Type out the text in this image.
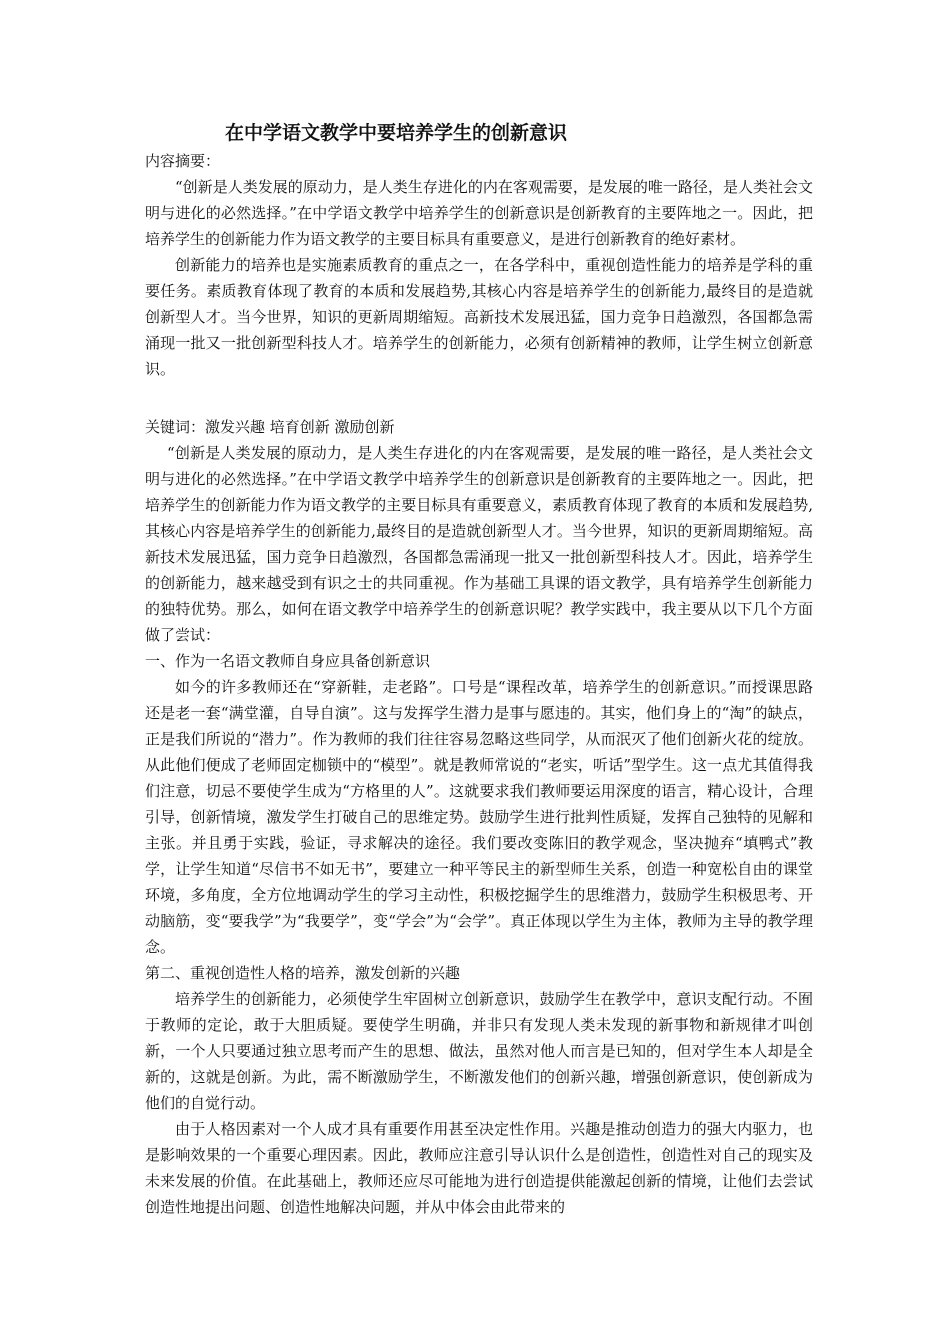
在中学语文教学中要培养学生的创新意识
内容摘要：

“创新是人类发展的原动力，是人类生存进化的内在客观需要，是发展的唯一路径，是人类社会文明与进化的必然选择。”在中学语文教学中培养学生的创新意识是创新教育的主要阵地之一。因此，把培养学生的创新能力作为语文教学的主要目标具有重要意义，是进行创新教育的绝好素材。

创新能力的培养也是实施素质教育的重点之一，在各学科中，重视创造性能力的培养是学科的重要任务。素质教育体现了教育的本质和发展趋势,其核心内容是培养学生的创新能力,最终目的是造就创新型人才。当今世界，知识的更新周期缩短。高新技术发展迅猛，国力竞争日趋激烈，各国都急需涌现一批又一批创新型科技人才。培养学生的创新能力，必须有创新精神的教师，让学生树立创新意识。

关键词：激发兴趣 培育创新 激励创新

“创新是人类发展的原动力，是人类生存进化的内在客观需要，是发展的唯一路径，是人类社会文明与进化的必然选择。”在中学语文教学中培养学生的创新意识是创新教育的主要阵地之一。因此，把培养学生的创新能力作为语文教学的主要目标具有重要意义，素质教育体现了教育的本质和发展趋势,其核心内容是培养学生的创新能力,最终目的是造就创新型人才。当今世界，知识的更新周期缩短。高新技术发展迅猛，国力竞争日趋激烈，各国都急需涌现一批又一批创新型科技人才。因此，培养学生的创新能力，越来越受到有识之士的共同重视。作为基础工具课的语文教学，具有培养学生创新能力的独特优势。那么，如何在语文教学中培养学生的创新意识呢？教学实践中，我主要从以下几个方面做了尝试：

一、作为一名语文教师自身应具备创新意识

如今的许多教师还在“穿新鞋，走老路”。口号是“课程改革，培养学生的创新意识。”而授课思路还是老一套“满堂灌，自导自演”。这与发挥学生潜力是事与愿违的。其实，他们身上的“淘”的缺点，正是我们所说的“潜力”。作为教师的我们往往容易忽略这些同学，从而泯灭了他们创新火花的绽放。从此他们便成了老师固定枷锁中的“模型”。就是教师常说的“老实，听话”型学生。这一点尤其值得我们注意，切忌不要使学生成为“方格里的人”。这就要求我们教师要运用深度的语言，精心设计，合理引导，创新情境，激发学生打破自己的思维定势。鼓励学生进行批判性质疑，发挥自己独特的见解和主张。并且勇于实践，验证，寻求解决的途径。我们要改变陈旧的教学观念，坚决抛弃“填鸭式”教学，让学生知道“尽信书不如无书”，要建立一种平等民主的新型师生关系，创造一种宽松自由的课堂环境，多角度，全方位地调动学生的学习主动性，积极挖掘学生的思维潜力，鼓励学生积极思考、开动脑筋，变“要我学”为“我要学”，变“学会”为“会学”。真正体现以学生为主体，教师为主导的教学理念。

第二、重视创造性人格的培养，激发创新的兴趣

培养学生的创新能力，必须使学生牢固树立创新意识，鼓励学生在教学中，意识支配行动。不囿于教师的定论，敢于大胆质疑。要使学生明确，并非只有发现人类未发现的新事物和新规律才叫创新，一个人只要通过独立思考而产生的思想、做法，虽然对他人而言是已知的，但对学生本人却是全新的，这就是创新。为此，需不断激励学生，不断激发他们的创新兴趣，增强创新意识，使创新成为他们的自觉行动。

由于人格因素对一个人成才具有重要作用甚至决定性作用。兴趣是推动创造力的强大内驱力，也是影响效果的一个重要心理因素。因此，教师应注意引导认识什么是创造性，创造性对自己的现实及未来发展的价值。在此基础上，教师还应尽可能地为进行创造提供能激起创新的情境，让他们去尝试创造性地提出问题、创造性地解决问题，并从中体会由此带来的
